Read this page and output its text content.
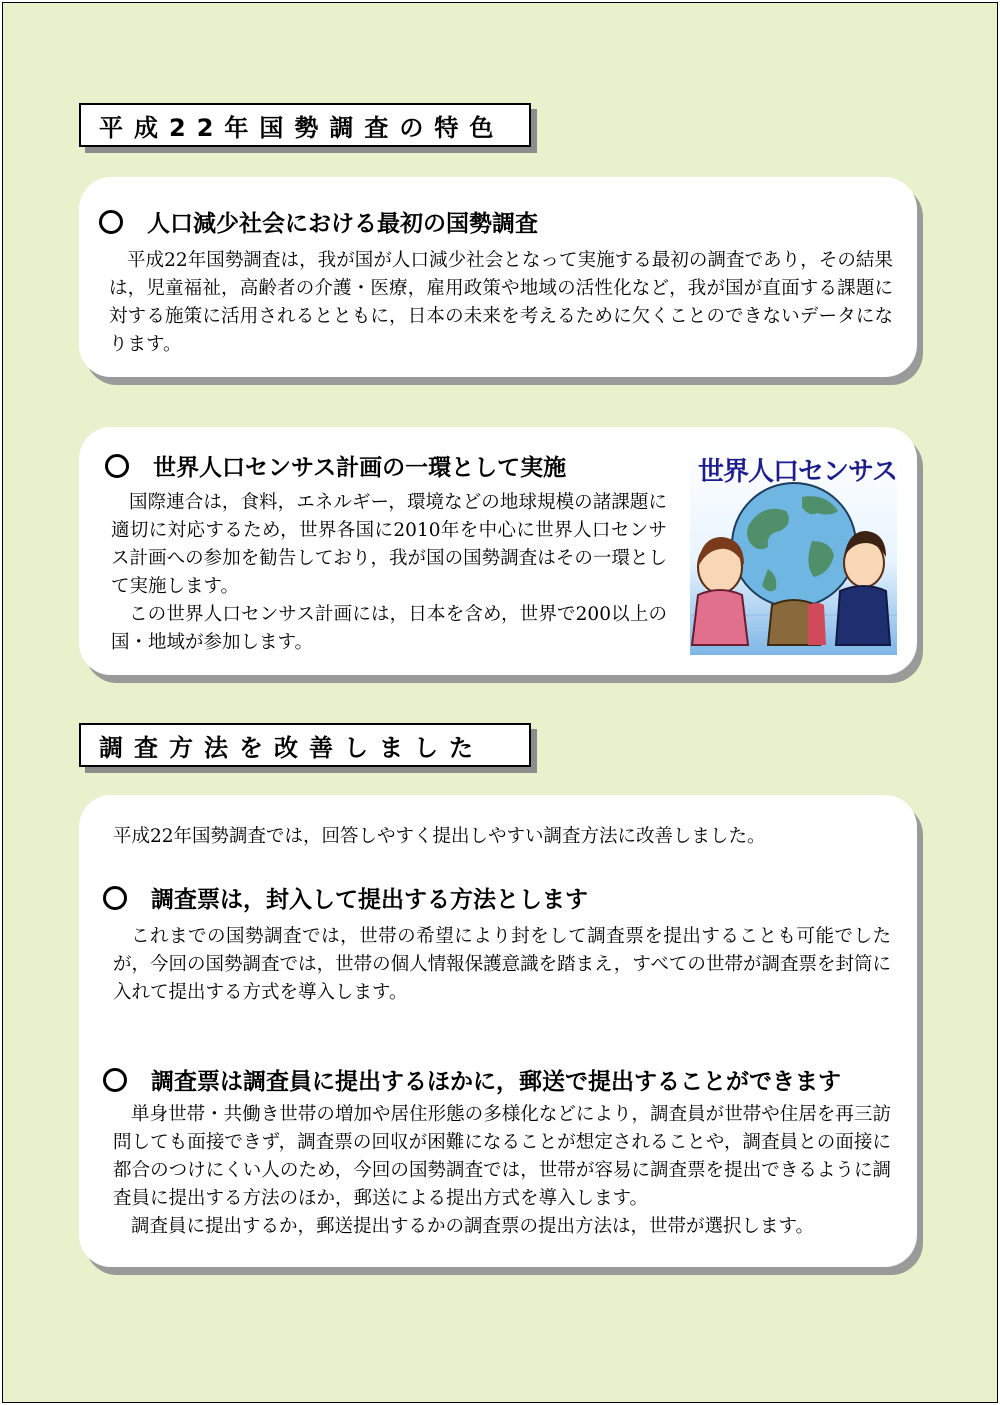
平成22年国勢調査の特色
人口減少社会における最初の国勢調査
平成22年国勢調査は，我が国が人口減少社会となって実施する最初の調査であり，その結果は，児童福祉，高齢者の介護・医療，雇用政策や地域の活性化など，我が国が直面する課題に対する施策に活用されるとともに，日本の未来を考えるために欠くことのできないデータになります。
世界人口センサス計画の一環として実施
国際連合は，食料，エネルギー，環境などの地球規模の諸課題に適切に対応するため，世界各国に2010年を中心に世界人口センサス計画への参加を勧告しており，我が国の国勢調査はその一環として実施します。
この世界人口センサス計画には，日本を含め，世界で200以上の国・地域が参加します。
世界人口センサス
調査方法を改善しました
平成22年国勢調査では，回答しやすく提出しやすい調査方法に改善しました。
調査票は，封入して提出する方法とします
これまでの国勢調査では，世帯の希望により封をして調査票を提出することも可能でしたが，今回の国勢調査では，世帯の個人情報保護意識を踏まえ，すべての世帯が調査票を封筒に入れて提出する方式を導入します。
調査票は調査員に提出するほかに，郵送で提出することができます
単身世帯・共働き世帯の増加や居住形態の多様化などにより，調査員が世帯や住居を再三訪問しても面接できず，調査票の回収が困難になることが想定されることや，調査員との面接に都合のつけにくい人のため，今回の国勢調査では，世帯が容易に調査票を提出できるように調査員に提出する方法のほか，郵送による提出方式を導入します。
調査員に提出するか，郵送提出するかの調査票の提出方法は，世帯が選択します。
